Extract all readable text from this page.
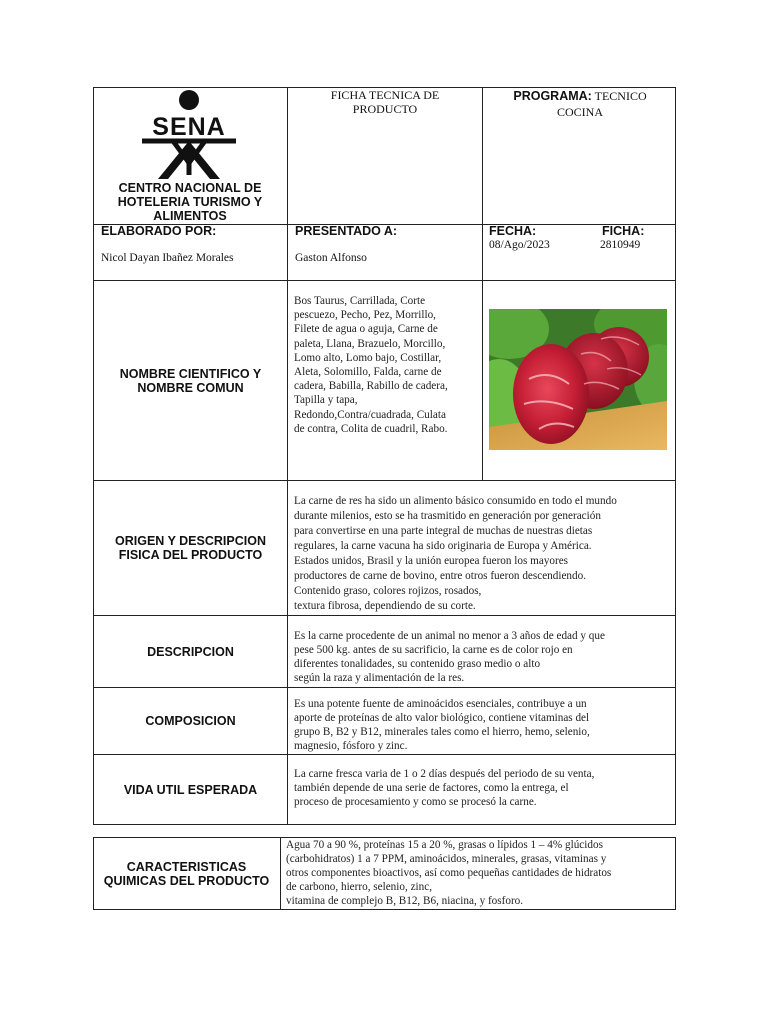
SENA
CENTRO NACIONAL DE HOTELERIA TURISMO Y ALIMENTOS
FICHA TECNICA DE PRODUCTO
PROGRAMA: TECNICO COCINA
ELABORADO POR:
Nicol Dayan Ibañez Morales
PRESENTADO A:
Gaston Alfonso
FECHA:
08/Ago/2023
FICHA:
2810949
NOMBRE CIENTIFICO Y NOMBRE COMUN
Bos Taurus, Carrillada, Corte
pescuezo, Pecho, Pez, Morrillo,
Filete de agua o aguja, Carne de
paleta, Llana, Brazuelo, Morcillo,
Lomo alto, Lomo bajo, Costillar,
Aleta, Solomillo, Falda, carne de
cadera, Babilla, Rabillo de cadera,
Tapilla y tapa,
Redondo,Contra/cuadrada, Culata
de contra, Colita de cuadril, Rabo.
ORIGEN Y DESCRIPCION FISICA DEL PRODUCTO
La carne de res ha sido un alimento básico consumido en todo el mundo
durante milenios, esto se ha trasmitido en generación por generación
para convertirse en una parte integral de muchas de nuestras dietas
regulares, la carne vacuna ha sido originaria de Europa y América.
Estados unidos, Brasil y la unión europea fueron los mayores
productores de carne de bovino, entre otros fueron descendiendo.
Contenido graso, colores rojizos, rosados,
textura fibrosa, dependiendo de su corte.
DESCRIPCION
Es la carne procedente de un animal no menor a 3 años de edad y que
pese 500 kg. antes de su sacrificio, la carne es de color rojo en
diferentes tonalidades, su contenido graso medio o alto
según la raza y alimentación de la res.
COMPOSICION
Es una potente fuente de aminoácidos esenciales, contribuye a un
aporte de proteínas de alto valor biológico, contiene vitaminas del
grupo B, B2 y B12, minerales tales como el hierro, hemo, selenio,
magnesio, fósforo y zinc.
VIDA UTIL ESPERADA
La carne fresca varia de 1 o 2 días después del periodo de su venta,
también depende de una serie de factores, como la entrega, el
proceso de procesamiento y como se procesó la carne.
CARACTERISTICAS QUIMICAS DEL PRODUCTO
Agua 70 a 90 %, proteínas 15 a 20 %, grasas o lípidos 1 – 4% glúcidos
(carbohidratos) 1 a 7 PPM, aminoácidos, minerales, grasas, vitaminas y
otros componentes bioactivos, así como pequeñas cantidades de hidratos
de carbono, hierro, selenio, zinc,
vitamina de complejo B, B12, B6, niacina, y fosforo.
